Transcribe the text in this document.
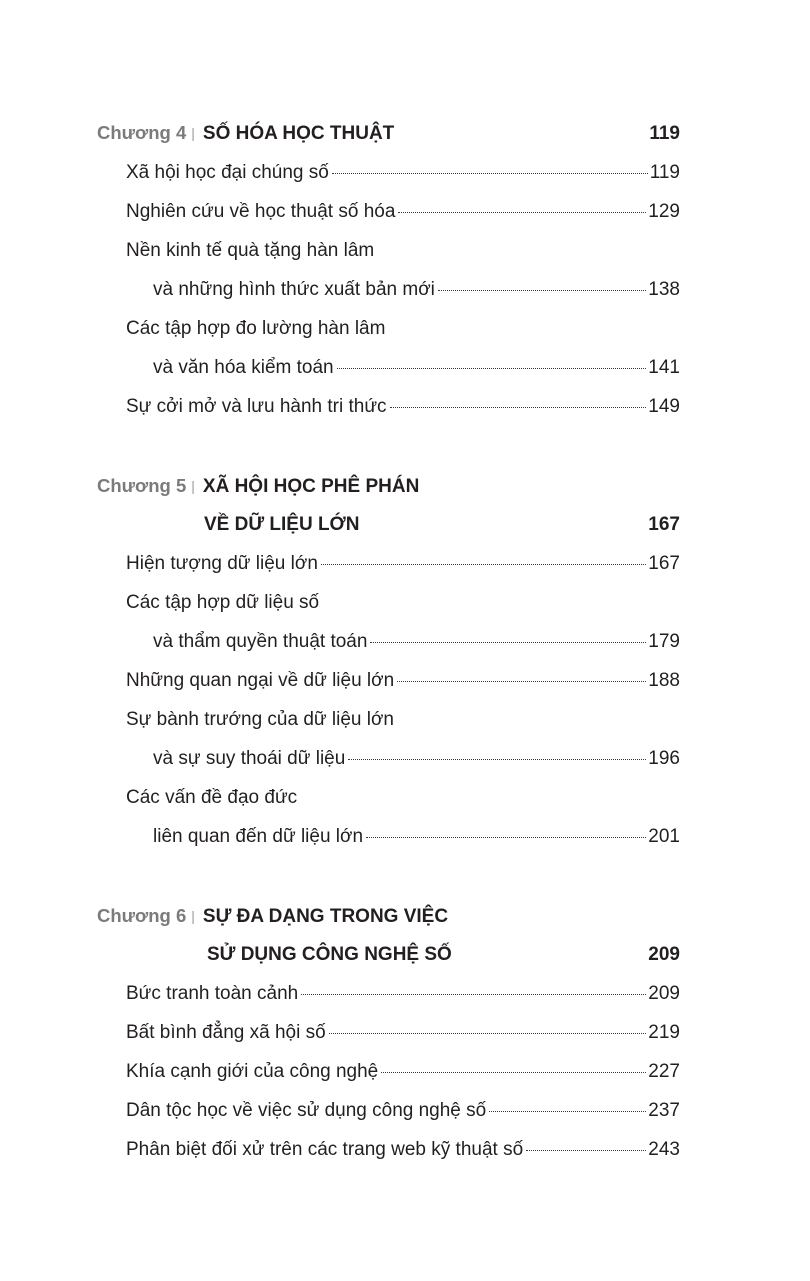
Chương 4 | SỐ HÓA HỌC THUẬT	119
Xã hội học đại chúng số	119
Nghiên cứu về học thuật số hóa	129
Nền kinh tế quà tặng hàn lâm
và những hình thức xuất bản mới	138
Các tập hợp đo lường hàn lâm
và văn hóa kiểm toán	141
Sự cởi mở và lưu hành tri thức	149
Chương 5 | XÃ HỘI HỌC PHÊ PHÁN
VỀ DỮ LIỆU LỚN	167
Hiện tượng dữ liệu lớn	167
Các tập hợp dữ liệu số
và thẩm quyền thuật toán	179
Những quan ngại về dữ liệu lớn	188
Sự bành trướng của dữ liệu lớn
và sự suy thoái dữ liệu	196
Các vấn đề đạo đức
liên quan đến dữ liệu lớn	201
Chương 6 | SỰ ĐA DẠNG TRONG VIỆC
SỬ DỤNG CÔNG NGHỆ SỐ	209
Bức tranh toàn cảnh	209
Bất bình đẳng xã hội số	219
Khía cạnh giới của công nghệ	227
Dân tộc học về việc sử dụng công nghệ số	237
Phân biệt đối xử trên các trang web kỹ thuật số	243
